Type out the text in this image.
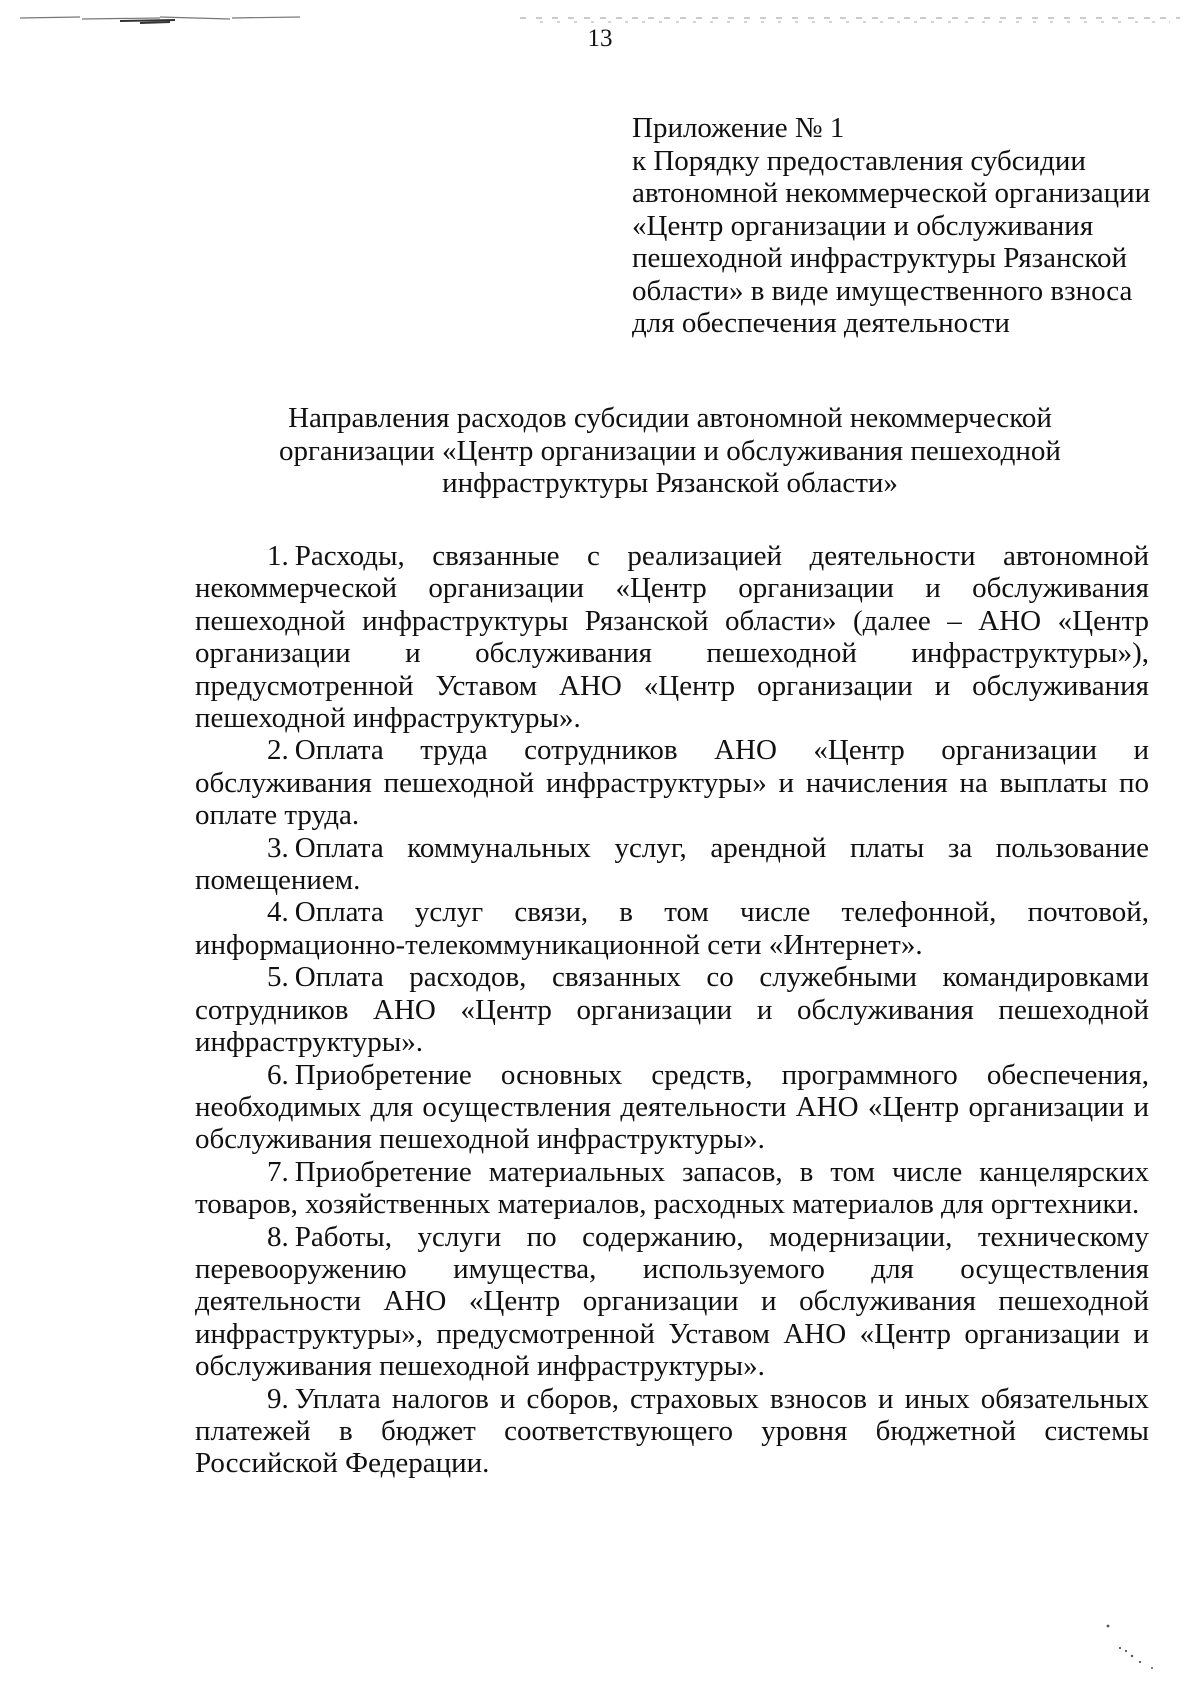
13
Приложение № 1
к Порядку предоставления субсидии
автономной некоммерческой организации
«Центр организации и обслуживания
пешеходной инфраструктуры Рязанской
области» в виде имущественного взноса
для обеспечения деятельности
Направления расходов субсидии автономной некоммерческой
организации «Центр организации и обслуживания пешеходной
инфраструктуры Рязанской области»

1. Расходы, связанные с реализацией деятельности автономной некоммерческой организации «Центр организации и обслуживания пешеходной инфраструктуры Рязанской области» (далее – АНО «Центр организации и обслуживания пешеходной инфраструктуры»), предусмотренной Уставом АНО «Центр организации и обслуживания пешеходной инфраструктуры».

2. Оплата труда сотрудников АНО «Центр организации и обслуживания пешеходной инфраструктуры» и начисления на выплаты по оплате труда.

3. Оплата коммунальных услуг, арендной платы за пользование помещением.

4. Оплата услуг связи, в том числе телефонной, почтовой, информационно-телекоммуникационной сети «Интернет».

5. Оплата расходов, связанных со служебными командировками сотрудников АНО «Центр организации и обслуживания пешеходной инфраструктуры».

6. Приобретение основных средств, программного обеспечения, необходимых для осуществления деятельности АНО «Центр организации и обслуживания пешеходной инфраструктуры».

7. Приобретение материальных запасов, в том числе канцелярских товаров, хозяйственных материалов, расходных материалов для оргтехники.

8. Работы, услуги по содержанию, модернизации, техническому перевооружению имущества, используемого для осуществления деятельности АНО «Центр организации и обслуживания пешеходной инфраструктуры», предусмотренной Уставом АНО «Центр организации и обслуживания пешеходной инфраструктуры».

9. Уплата налогов и сборов, страховых взносов и иных обязательных платежей в бюджет соответствующего уровня бюджетной системы Российской Федерации.
